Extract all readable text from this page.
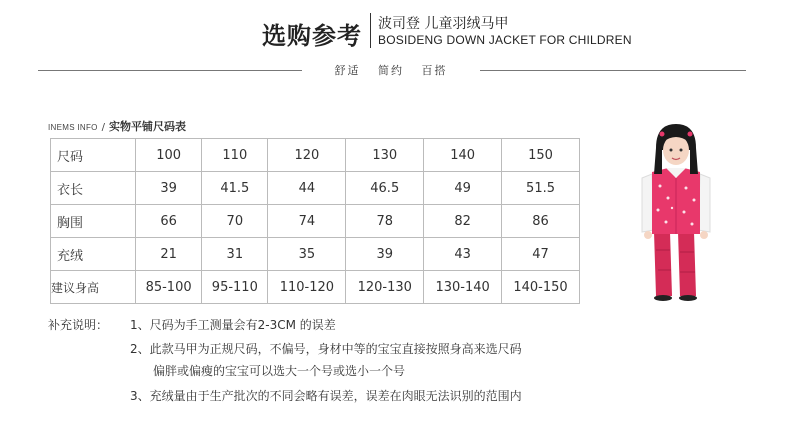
选购参考 波司登 儿童羽绒马甲
BOSIDENG DOWN JACKET FOR CHILDREN
舒适 简约 百搭
INEMS INFO / 实物平铺尺码表
尺码	100	110	120	130	140	150
衣长	39	41.5	44	46.5	49	51.5
胸围	66	70	74	78	82	86
充绒	21	31	35	39	43	47
建议身高	85-100	95-110	110-120	120-130	130-140	140-150
补充说明： 1、尺码为手工测量会有2-3CM 的误差
2、此款马甲为正规尺码，不偏号，身材中等的宝宝直接按照身高来选尺码
偏胖或偏瘦的宝宝可以选大一个号或选小一个号
3、充绒量由于生产批次的不同会略有误差，误差在肉眼无法识别的范围内
